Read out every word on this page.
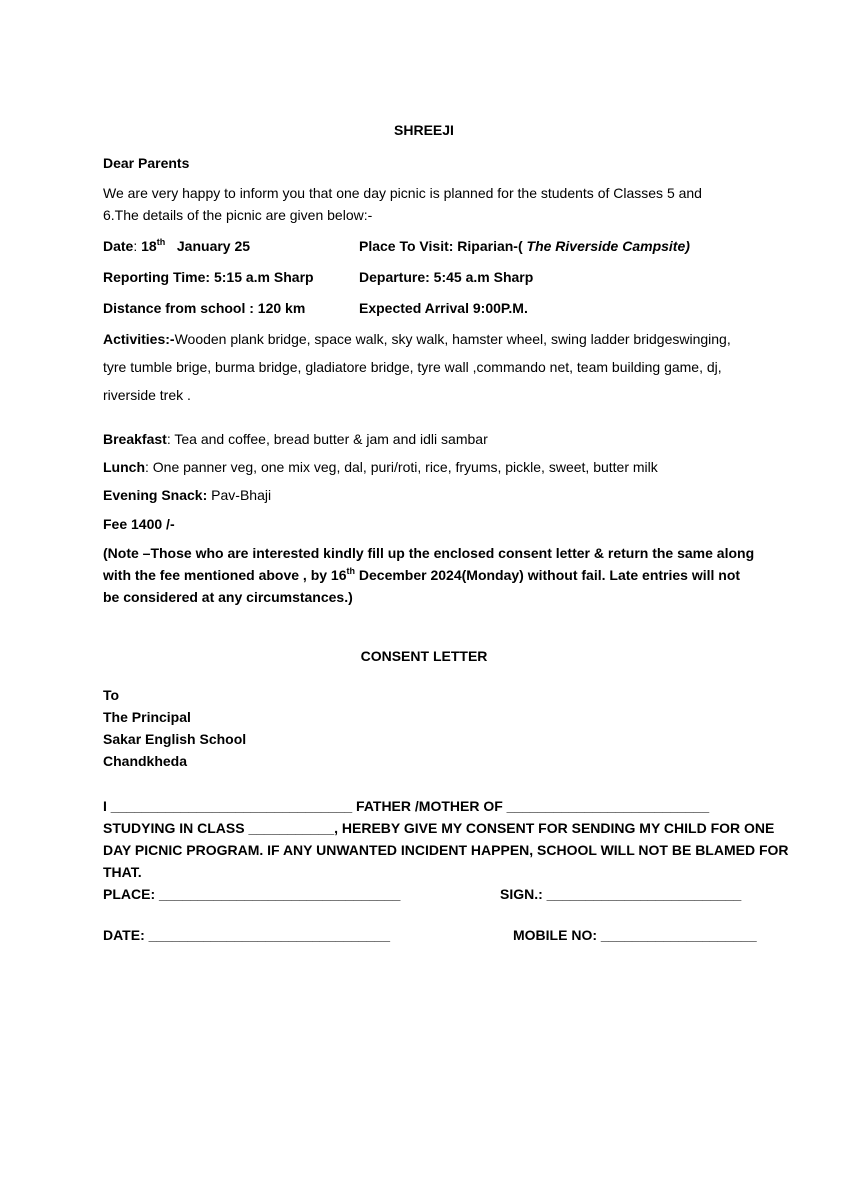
SHREEJI
Dear Parents
We are very happy to inform you that one day picnic is planned for the students of Classes 5 and
6.The details of the picnic are given below:-
Date: 18th January 25	Place To Visit: Riparian-( The Riverside Campsite)
Reporting Time: 5:15 a.m Sharp	Departure: 5:45 a.m Sharp
Distance from school : 120 km	Expected Arrival 9:00P.M.
Activities:-Wooden plank bridge, space walk, sky walk, hamster wheel, swing ladder bridgeswinging,
tyre tumble brige, burma bridge, gladiatore bridge, tyre wall ,commando net, team building game, dj,
riverside trek .
Breakfast: Tea and coffee, bread butter & jam and idli sambar
Lunch: One panner veg, one mix veg, dal, puri/roti, rice, fryums, pickle, sweet, butter milk
Evening Snack: Pav-Bhaji
Fee 1400 /-
(Note –Those who are interested kindly fill up the enclosed consent letter & return the same along
with the fee mentioned above , by 16th December 2024(Monday) without fail. Late entries will not
be considered at any circumstances.)
CONSENT LETTER
To
The Principal
Sakar English School
Chandkheda
I _______________________________ FATHER /MOTHER OF __________________________
STUDYING IN CLASS ___________, HEREBY GIVE MY CONSENT FOR SENDING MY CHILD FOR ONE
DAY PICNIC PROGRAM. IF ANY UNWANTED INCIDENT HAPPEN, SCHOOL WILL NOT BE BLAMED FOR
THAT.
PLACE: _______________________________	SIGN.: _________________________
DATE: _______________________________	MOBILE NO: ____________________
